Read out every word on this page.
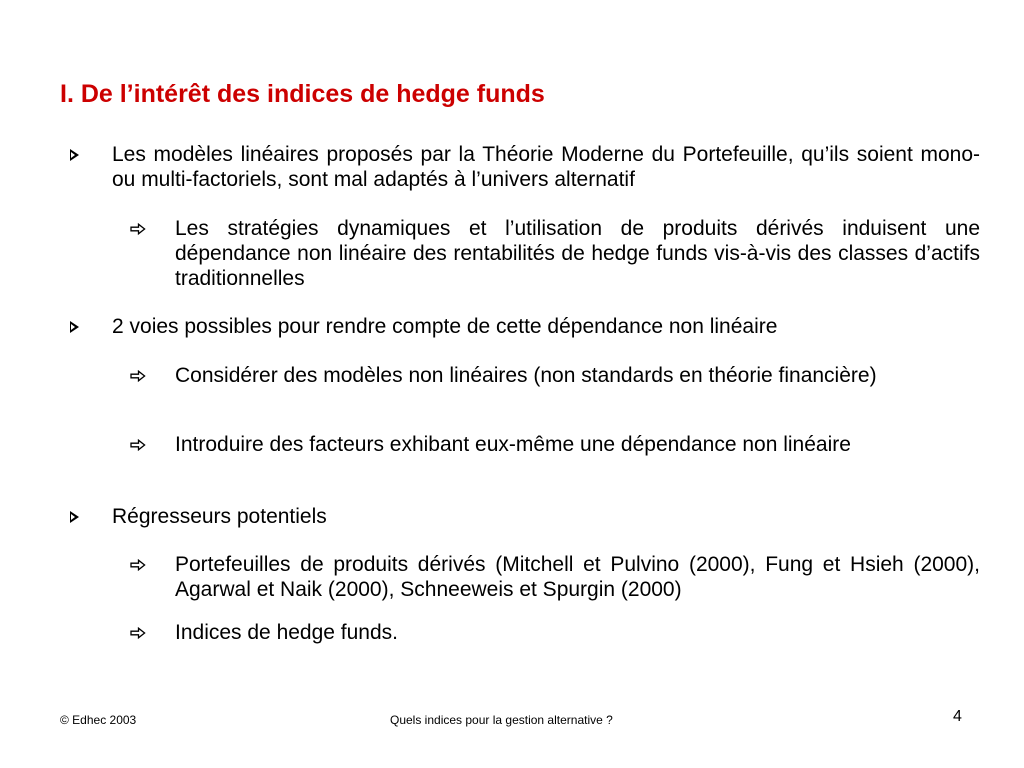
I. De l’intérêt des indices de hedge funds
Les modèles linéaires proposés par la Théorie Moderne du Portefeuille, qu’ils soient mono- ou multi-factoriels, sont mal adaptés à l’univers alternatif
Les stratégies dynamiques et l’utilisation de produits dérivés induisent une dépendance non linéaire des rentabilités de hedge funds vis-à-vis des classes d’actifs traditionnelles
2 voies possibles pour rendre compte de cette dépendance non linéaire
Considérer des modèles non linéaires (non standards en théorie financière)
Introduire des facteurs exhibant eux-même une dépendance non linéaire
Régresseurs potentiels
Portefeuilles de produits dérivés (Mitchell et Pulvino (2000), Fung et Hsieh (2000), Agarwal et Naik (2000), Schneeweis et Spurgin (2000)
Indices de hedge funds.
© Edhec 2003	Quels indices pour la gestion alternative ?	4
